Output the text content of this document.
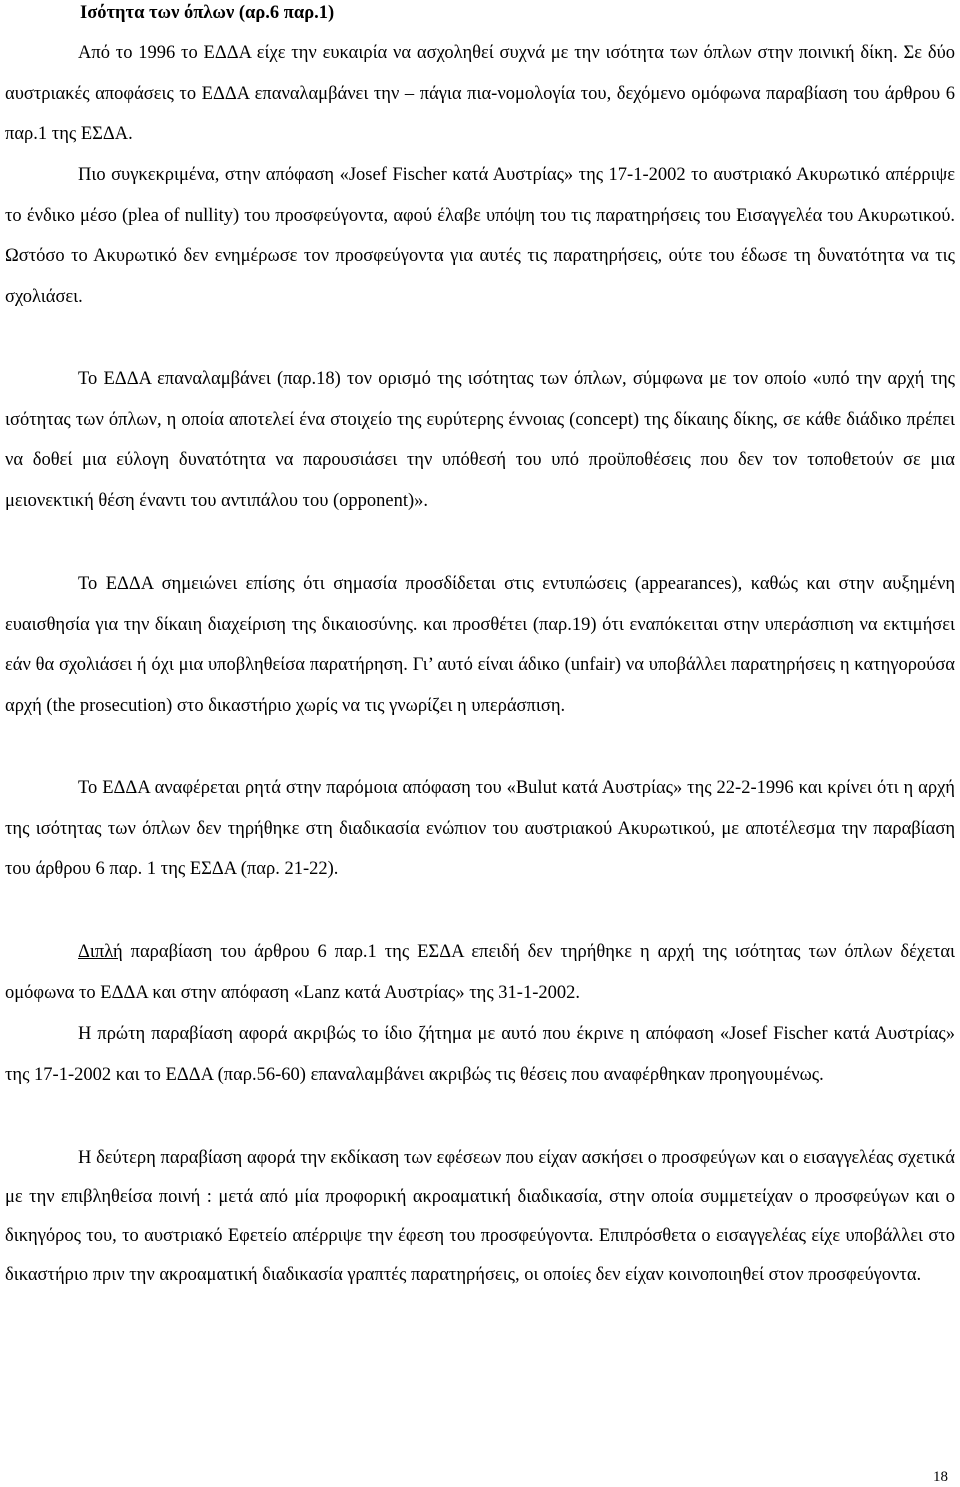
Ισότητα των όπλων (αρ.6 παρ.1)
Από το 1996 το ΕΔΔΑ είχε την ευκαιρία να ασχοληθεί συχνά με την ισότητα των όπλων στην ποινική δίκη. Σε δύο αυστριακές αποφάσεις το ΕΔΔΑ επαναλαμβάνει την – πάγια πια-νομολογία του, δεχόμενο ομόφωνα παραβίαση του άρθρου 6 παρ.1 της ΕΣΔΑ.
Πιο συγκεκριμένα, στην απόφαση «Josef Fischer κατά Αυστρίας» της 17-1-2002 το αυστριακό Ακυρωτικό απέρριψε το ένδικο μέσο (plea of nullity) του προσφεύγοντα, αφού έλαβε υπόψη του τις παρατηρήσεις του Εισαγγελέα του Ακυρωτικού. Ωστόσο το Ακυρωτικό δεν ενημέρωσε τον προσφεύγοντα για αυτές τις παρατηρήσεις, ούτε του έδωσε τη δυνατότητα να τις σχολιάσει.
Το ΕΔΔΑ επαναλαμβάνει (παρ.18) τον ορισμό της ισότητας των όπλων, σύμφωνα με τον οποίο «υπό την αρχή της ισότητας των όπλων, η οποία αποτελεί ένα στοιχείο της ευρύτερης έννοιας (concept) της δίκαιης δίκης, σε κάθε διάδικο πρέπει να δοθεί μια εύλογη δυνατότητα να παρουσιάσει την υπόθεσή του υπό προϋποθέσεις που δεν τον τοποθετούν σε μια μειονεκτική θέση έναντι του αντιπάλου του (opponent)».
Το ΕΔΔΑ σημειώνει επίσης ότι σημασία προσδίδεται στις εντυπώσεις (appearances), καθώς και στην αυξημένη ευαισθησία για την δίκαιη διαχείριση της δικαιοσύνης. και προσθέτει (παρ.19) ότι εναπόκειται στην υπεράσπιση να εκτιμήσει εάν θα σχολιάσει ή όχι μια υποβληθείσα παρατήρηση. Γι’ αυτό είναι άδικο (unfair) να υποβάλλει παρατηρήσεις η κατηγορούσα αρχή (the prosecution) στο δικαστήριο χωρίς να τις γνωρίζει η υπεράσπιση.
Το ΕΔΔΑ αναφέρεται ρητά στην παρόμοια απόφαση του «Bulut κατά Αυστρίας» της 22-2-1996 και κρίνει ότι η αρχή της ισότητας των όπλων δεν τηρήθηκε στη διαδικασία ενώπιον του αυστριακού Ακυρωτικού, με αποτέλεσμα την παραβίαση του άρθρου 6 παρ. 1 της ΕΣΔΑ (παρ. 21-22).
Διπλή παραβίαση του άρθρου 6 παρ.1 της ΕΣΔΑ επειδή δεν τηρήθηκε η αρχή της ισότητας των όπλων δέχεται ομόφωνα το ΕΔΔΑ και στην απόφαση «Lanz κατά Αυστρίας» της 31-1-2002.
Η πρώτη παραβίαση αφορά ακριβώς το ίδιο ζήτημα με αυτό που έκρινε η απόφαση «Josef Fischer κατά Αυστρίας» της 17-1-2002 και το ΕΔΔΑ (παρ.56-60) επαναλαμβάνει ακριβώς τις θέσεις που αναφέρθηκαν προηγουμένως.
Η δεύτερη παραβίαση αφορά την εκδίκαση των εφέσεων που είχαν ασκήσει ο προσφεύγων και ο εισαγγελέας σχετικά με την επιβληθείσα ποινή : μετά από μία προφορική ακροαματική διαδικασία, στην οποία συμμετείχαν ο προσφεύγων και ο δικηγόρος του, το αυστριακό Εφετείο απέρριψε την έφεση του προσφεύγοντα. Επιπρόσθετα ο εισαγγελέας είχε υποβάλλει στο δικαστήριο πριν την ακροαματική διαδικασία γραπτές παρατηρήσεις, οι οποίες δεν είχαν κοινοποιηθεί στον προσφεύγοντα.
18
